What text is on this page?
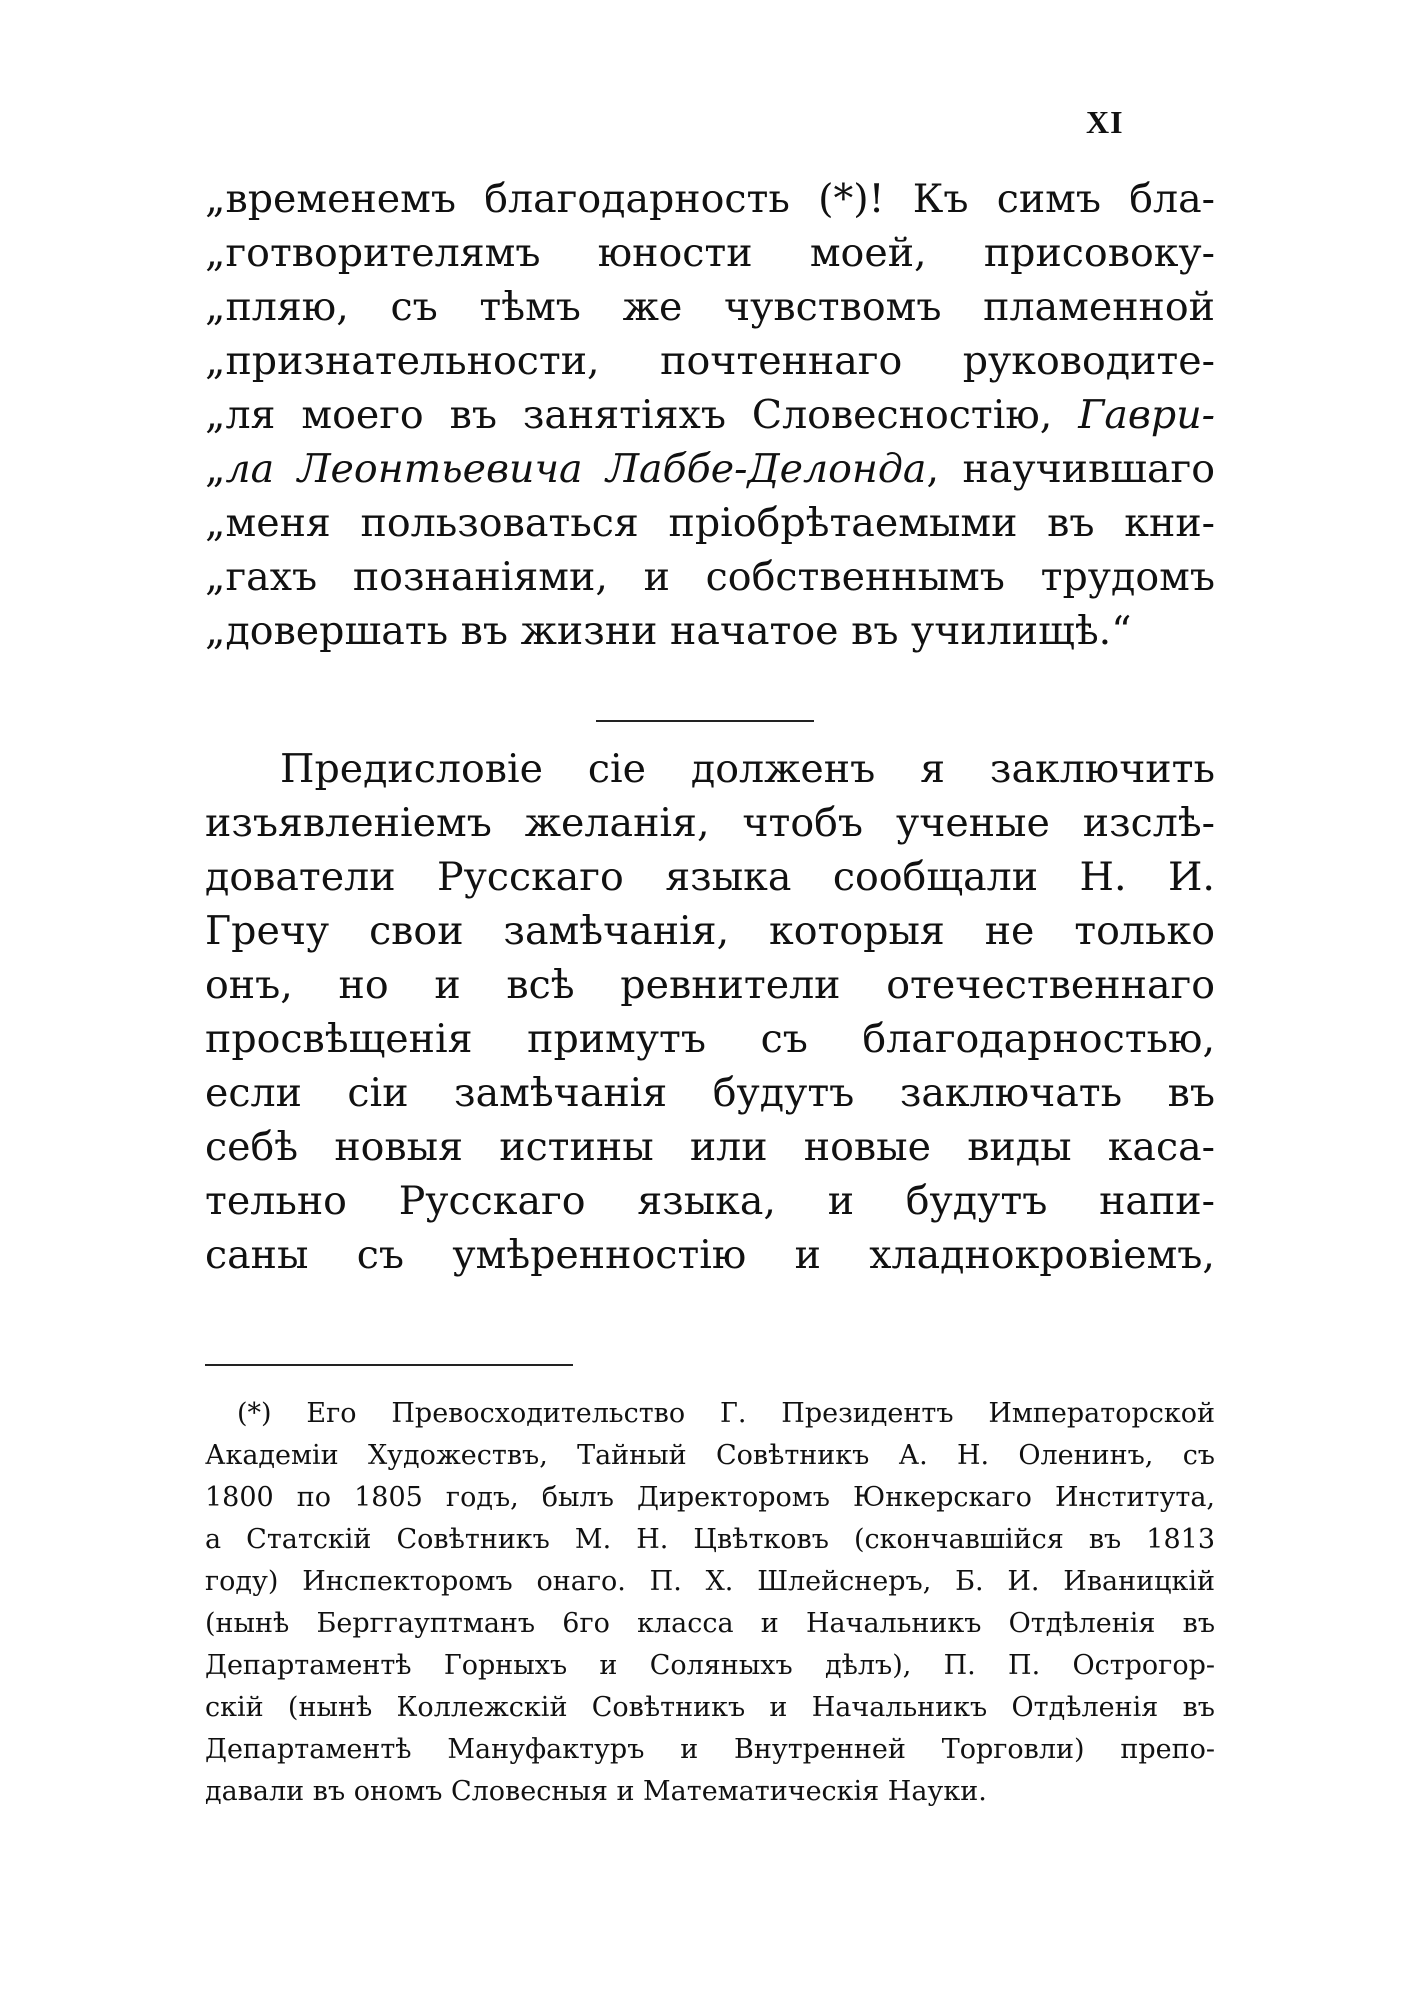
XI
„временемъ благодарность (*)! Къ симъ бла-
„готворителямъ юности моей, присовоку-
„пляю, съ тѣмъ же чувствомъ пламенной
„признательности, почтеннаго руководите-
„ля моего въ занятіяхъ Словесностію, Гаври-
„ла Леонтьевича Лаббе-Делонда, научившаго
„меня пользоваться пріобрѣтаемыми въ кни-
„гахъ познаніями, и собственнымъ трудомъ
„довершать въ жизни начатое въ училищѣ.“
Предисловіе сіе долженъ я заключить
изъявленіемъ желанія, чтобъ ученые изслѣ-
дователи Русскаго языка сообщали Н. И.
Гречу свои замѣчанія, которыя не только
онъ, но и всѣ ревнители отечественнаго
просвѣщенія примутъ съ благодарностью,
если сіи замѣчанія будутъ заключать въ
себѣ новыя истины или новые виды каса-
тельно Русскаго языка, и будутъ напи-
саны съ умѣренностію и хладнокровіемъ,
(*) Его Превосходительство Г. Президентъ Императорской
Академіи Художествъ, Тайный Совѣтникъ А. Н. Оленинъ, съ
1800 по 1805 годъ, былъ Директоромъ Юнкерскаго Института,
а Статскій Совѣтникъ М. Н. Цвѣтковъ (скончавшійся въ 1813
году) Инспекторомъ онаго. П. Х. Шлейснеръ, Б. И. Иваницкій
(нынѣ Берггауптманъ 6го класса и Начальникъ Отдѣленія въ
Департаментѣ Горныхъ и Соляныхъ дѣлъ), П. П. Острогор-
скій (нынѣ Коллежскій Совѣтникъ и Начальникъ Отдѣленія въ
Департаментѣ Мануфактуръ и Внутренней Торговли) препо-
давали въ ономъ Словесныя и Математическія Науки.
